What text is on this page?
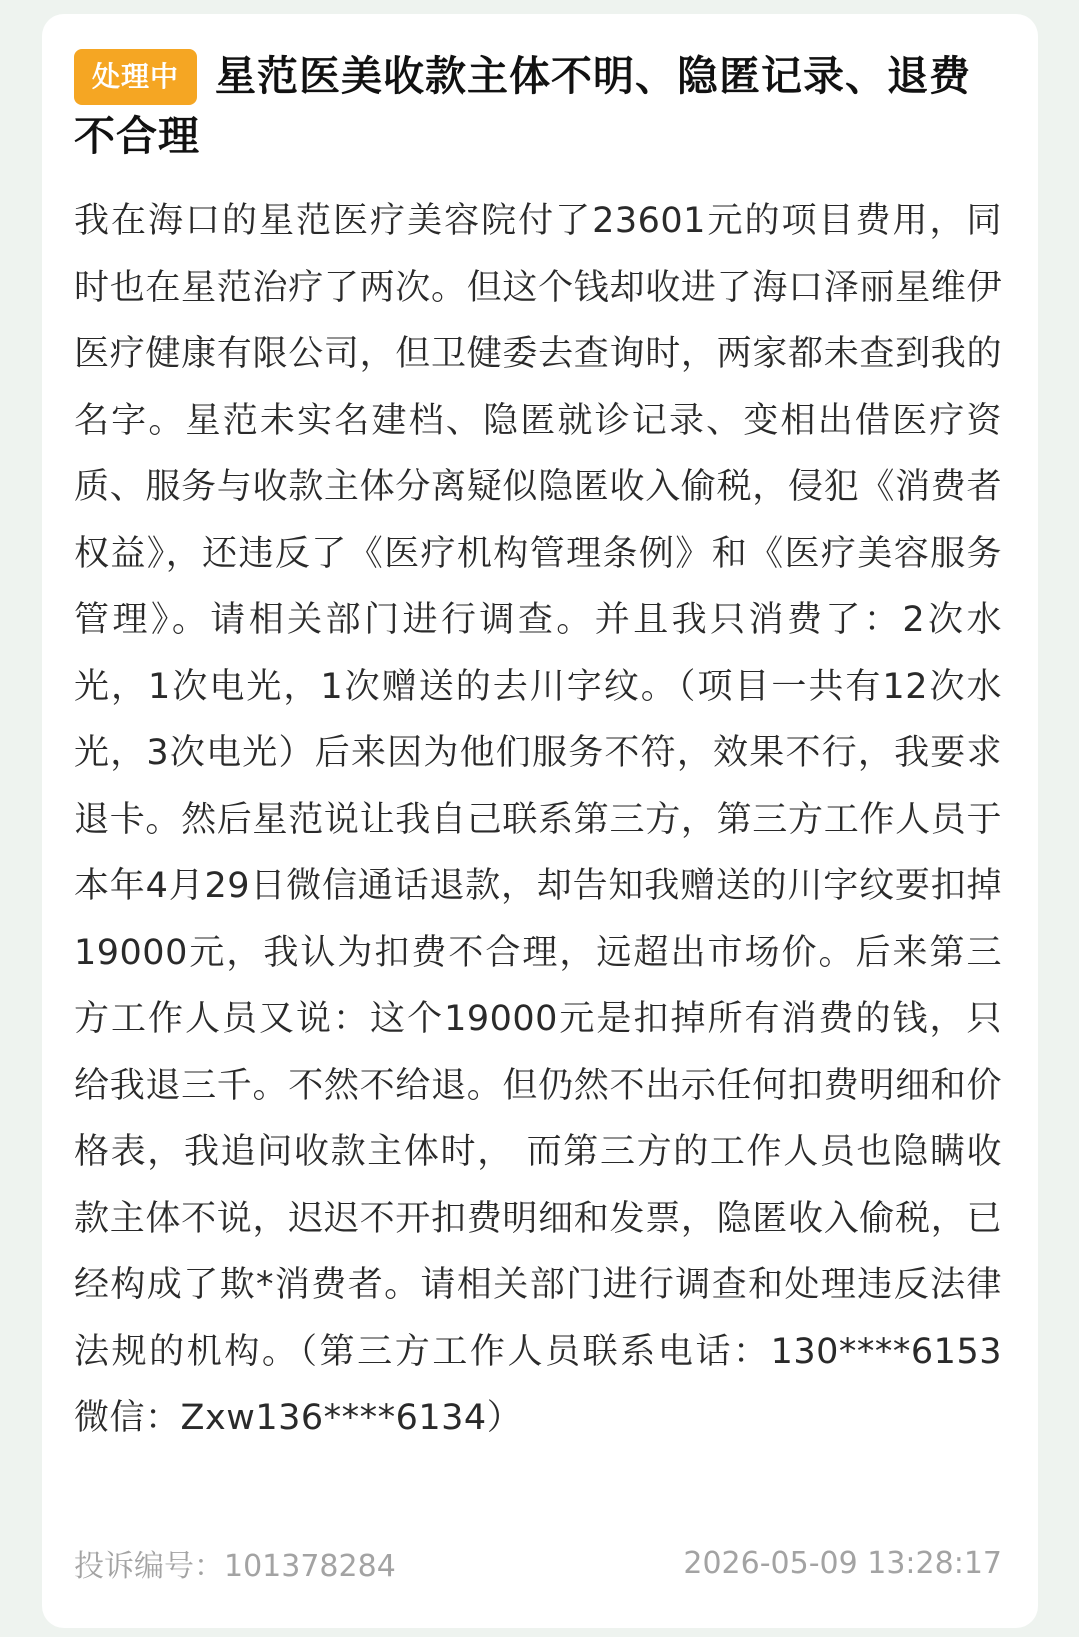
处理中 星范医美收款主体不明、隐匿记录、退费不合理
我在海口的星范医疗美容院付了23601元的项目费用，同时也在星范治疗了两次。但这个钱却收进了海口泽丽星维伊医疗健康有限公司，但卫健委去查询时，两家都未查到我的名字。星范未实名建档、隐匿就诊记录、变相出借医疗资质、服务与收款主体分离疑似隐匿收入偷税，侵犯《消费者权益》，还违反了《医疗机构管理条例》和《医疗美容服务管理》。请相关部门进行调查。并且我只消费了：2次水光，1次电光，1次赠送的去川字纹。（项目一共有12次水光，3次电光）后来因为他们服务不符，效果不行，我要求退卡。然后星范说让我自己联系第三方，第三方工作人员于本年4月29日微信通话退款，却告知我赠送的川字纹要扣掉19000元，我认为扣费不合理，远超出市场价。后来第三方工作人员又说：这个19000元是扣掉所有消费的钱，只给我退三千。不然不给退。但仍然不出示任何扣费明细和价格表，我追问收款主体时， 而第三方的工作人员也隐瞒收款主体不说，迟迟不开扣费明细和发票，隐匿收入偷税，已经构成了欺*消费者。请相关部门进行调查和处理违反法律法规的机构。（第三方工作人员联系电话：130****6153 微信：Zxw136****6134）
投诉编号：101378284	2026-05-09 13:28:17
